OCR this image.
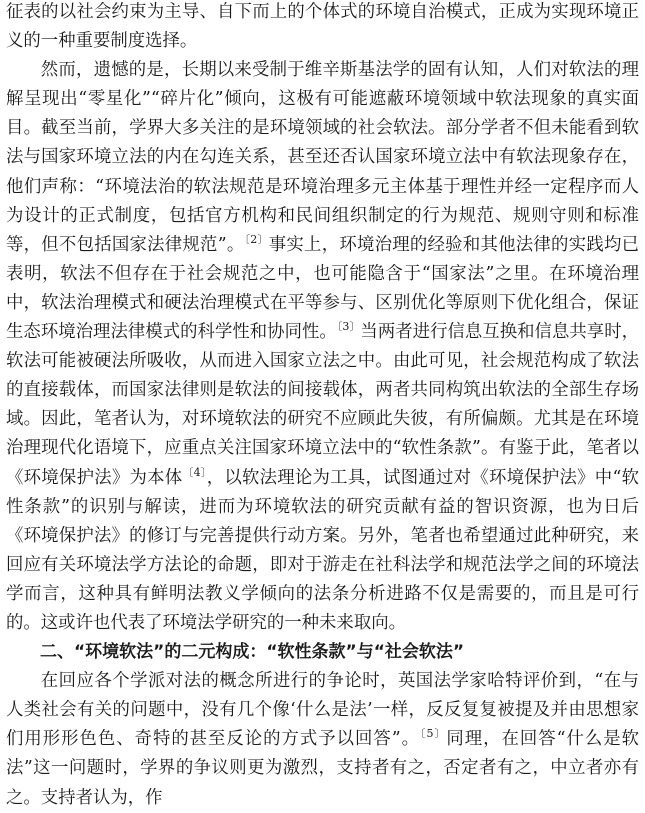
征表的以社会约束为主导、自下而上的个体式的环境自治模式，正成为实现环境正义的一种重要制度选择。

然而，遗憾的是，长期以来受制于维辛斯基法学的固有认知，人们对软法的理解呈现出“零星化”“碎片化”倾向，这极有可能遮蔽环境领域中软法现象的真实面目。截至当前，学界大多关注的是环境领域的社会软法。部分学者不但未能看到软法与国家环境立法的内在勾连关系，甚至还否认国家环境立法中有软法现象存在，他们声称：“环境法治的软法规范是环境治理多元主体基于理性并经一定程序而人为设计的正式制度，包括官方机构和民间组织制定的行为规范、规则守则和标准等，但不包括国家法律规范”。$^{〔2〕}$事实上，环境治理的经验和其他法律的实践均已表明，软法不但存在于社会规范之中，也可能隐含于“国家法”之里。在环境治理中，软法治理模式和硬法治理模式在平等参与、区别优化等原则下优化组合，保证生态环境治理法律模式的科学性和协同性。$^{〔3〕}$当两者进行信息互换和信息共享时，软法可能被硬法所吸收，从而进入国家立法之中。由此可见，社会规范构成了软法的直接载体，而国家法律则是软法的间接载体，两者共同构筑出软法的全部生存场域。因此，笔者认为，对环境软法的研究不应顾此失彼，有所偏颇。尤其是在环境治理现代化语境下，应重点关注国家环境立法中的“软性条款”。有鉴于此，笔者以《环境保护法》为本体$^{〔4〕}$，以软法理论为工具，试图通过对《环境保护法》中“软性条款”的识别与解读，进而为环境软法的研究贡献有益的智识资源，也为日后《环境保护法》的修订与完善提供行动方案。另外，笔者也希望通过此种研究，来回应有关环境法学方法论的命题，即对于游走在社科法学和规范法学之间的环境法学而言，这种具有鲜明法教义学倾向的法条分析进路不仅是需要的，而且是可行的。这或许也代表了环境法学研究的一种未来取向。

二、“环境软法”的二元构成：“软性条款”与“社会软法”

在回应各个学派对法的概念所进行的争论时，英国法学家哈特评价到，“在与人类社会有关的问题中，没有几个像‘什么是法’一样，反反复复被提及并由思想家们用形形色色、奇特的甚至反论的方式予以回答”。$^{〔5〕}$同理，在回答“什么是软法”这一问题时，学界的争议则更为激烈，支持者有之，否定者有之，中立者亦有之。支持者认为，作
